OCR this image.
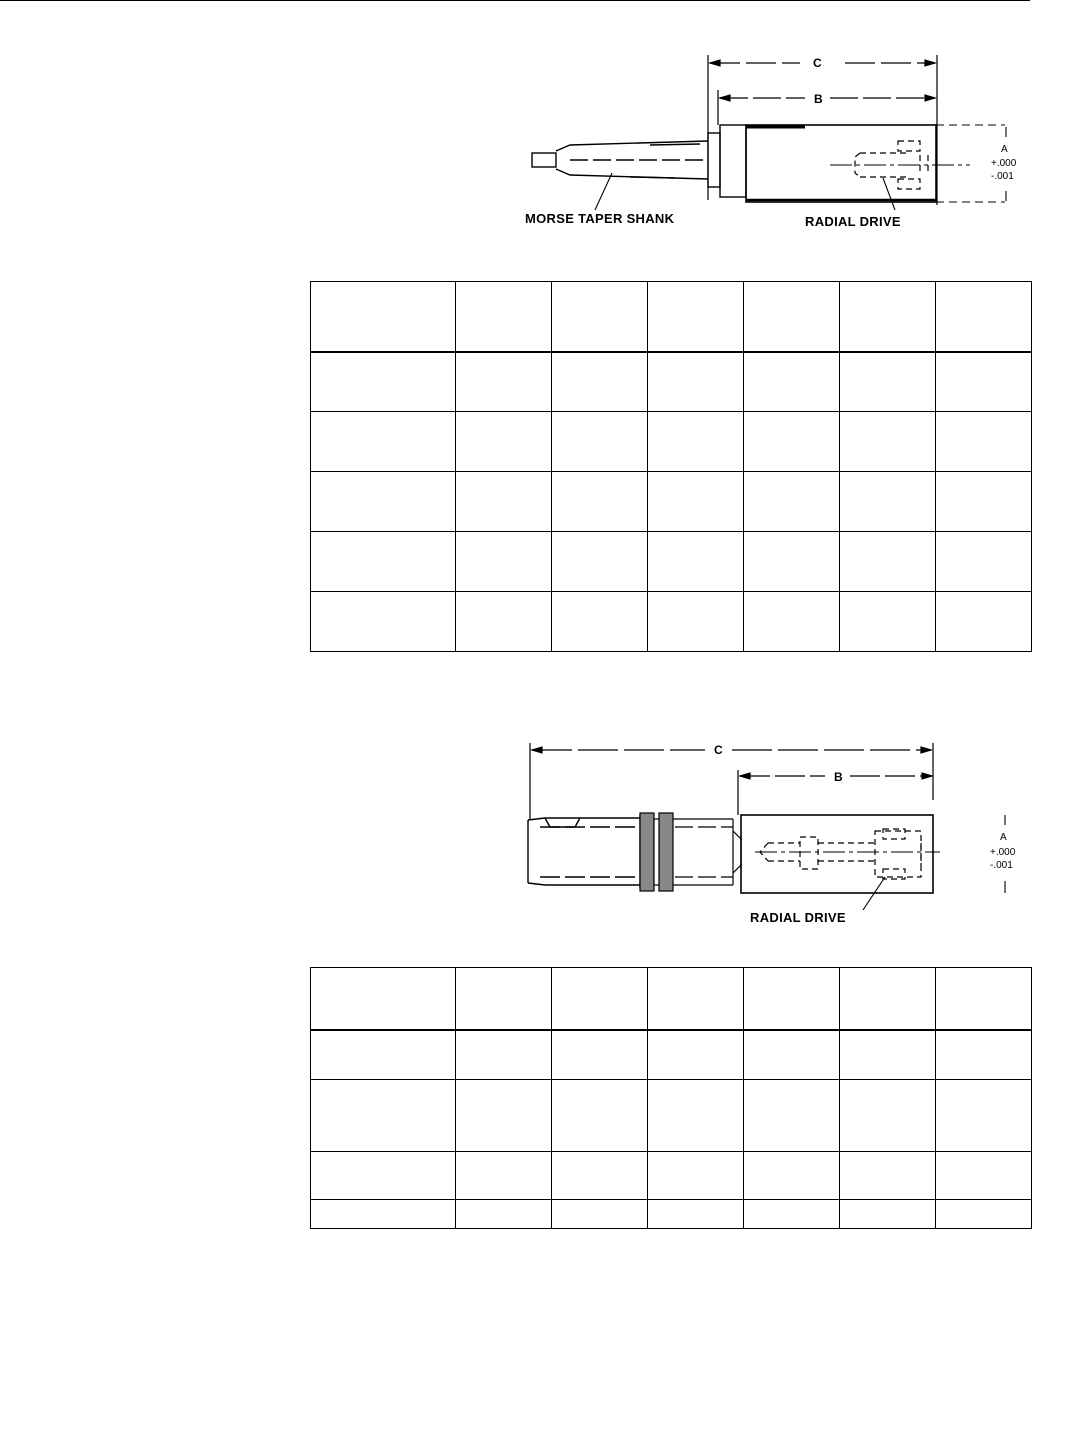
C
B
A
+.000
-.001
MORSE TAPER SHANK	RADIAL DRIVE

C
B
A
+.000
-.001
RADIAL DRIVE
